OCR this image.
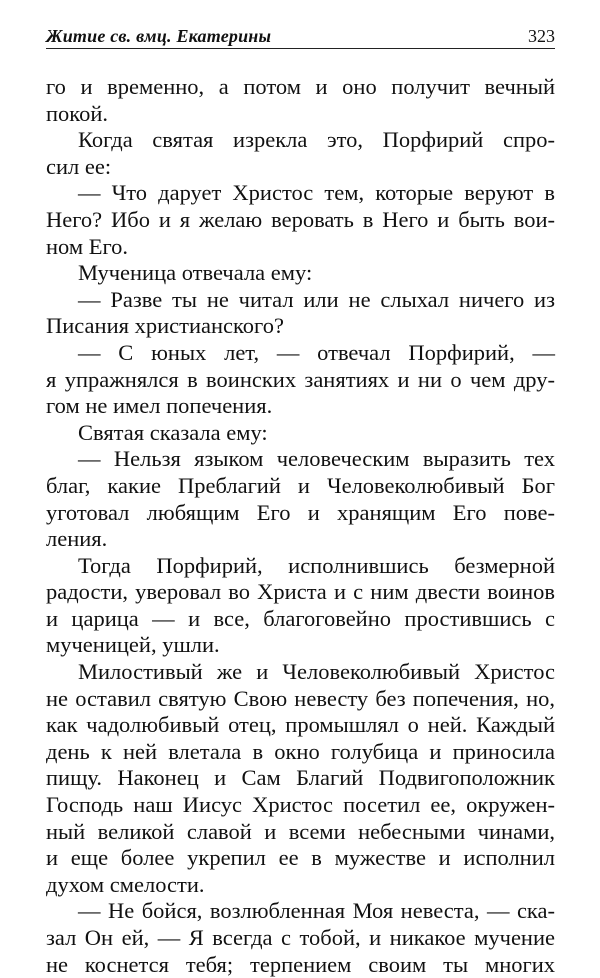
Житие св. вмц. Екатерины	323
го и временно, а потом и оно получит вечный
покой.
Когда святая изрекла это, Порфирий спро-
сил ее:
— Что дарует Христос тем, которые веруют в
Него? Ибо и я желаю веровать в Него и быть вои-
ном Его.
Мученица отвечала ему:
— Разве ты не читал или не слыхал ничего из
Писания христианского?
— С юных лет, — отвечал Порфирий, —
я упражнялся в воинских занятиях и ни о чем дру-
гом не имел попечения.
Святая сказала ему:
— Нельзя языком человеческим выразить тех
благ, какие Преблагий и Человеколюбивый Бог
уготовал любящим Его и хранящим Его пове-
ления.
Тогда Порфирий, исполнившись безмерной
радости, уверовал во Христа и с ним двести воинов
и царица — и все, благоговейно простившись с
мученицей, ушли.
Милостивый же и Человеколюбивый Христос
не оставил святую Свою невесту без попечения, но,
как чадолюбивый отец, промышлял о ней. Каждый
день к ней влетала в окно голубица и приносила
пищу. Наконец и Сам Благий Подвигоположник
Господь наш Иисус Христос посетил ее, окружен-
ный великой славой и всеми небесными чинами,
и еще более укрепил ее в мужестве и исполнил
духом смелости.
— Не бойся, возлюбленная Моя невеста, — ска-
зал Он ей, — Я всегда с тобой, и никакое мучение
не коснется тебя; терпением своим ты многих
